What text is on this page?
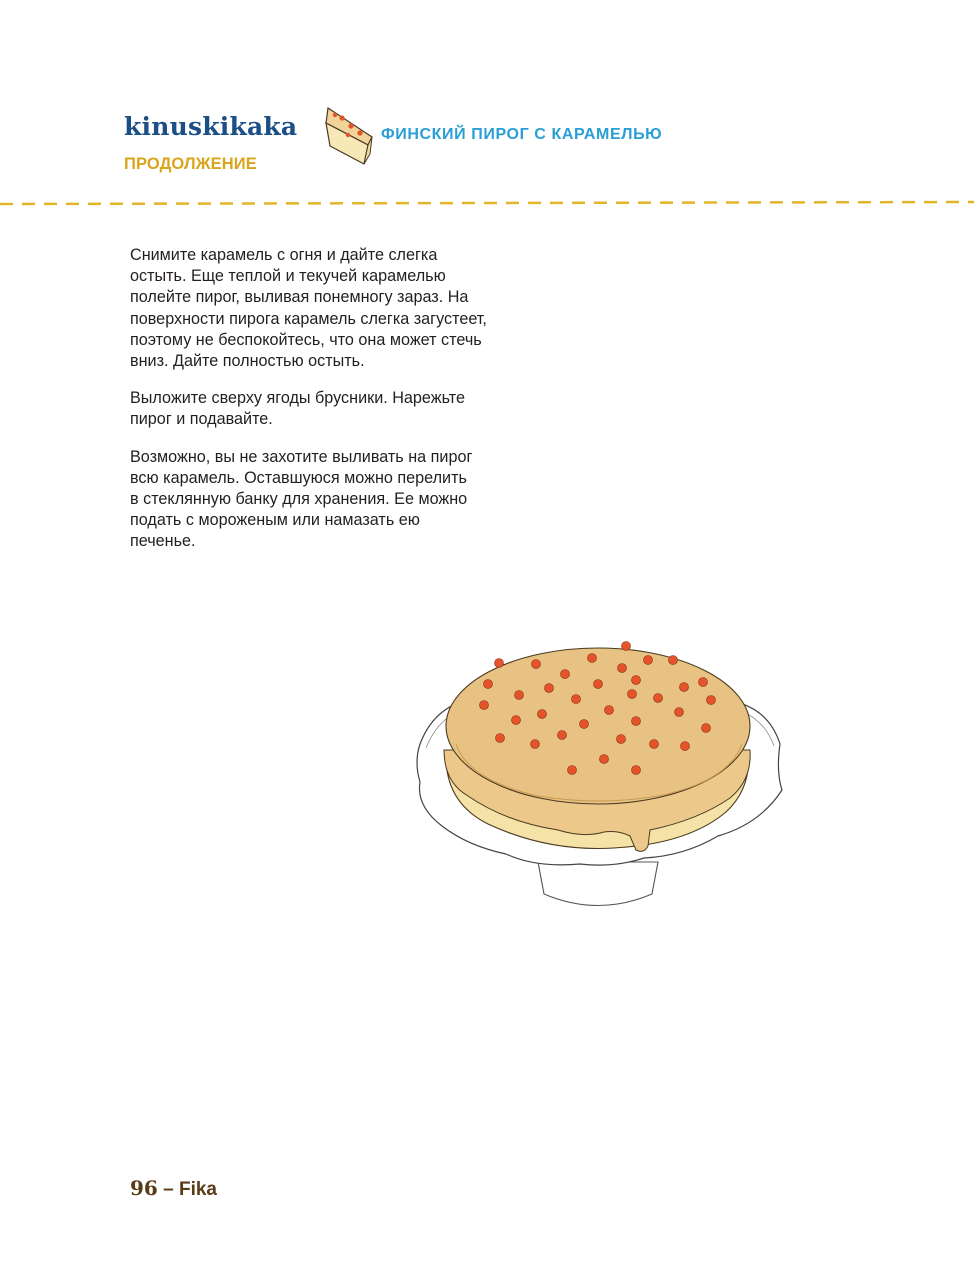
kinuskikaka	ФИНСКИЙ ПИРОГ С КАРАМЕЛЬЮ
ПРОДОЛЖЕНИЕ

Снимите карамель с огня и дайте слегка
остыть. Еще теплой и текучей карамелью
полейте пирог, выливая понемногу зараз. На
поверхности пирога карамель слегка загустеет,
поэтому не беспокойтесь, что она может стечь
вниз. Дайте полностью остыть.

Выложите сверху ягоды брусники. Нарежьте
пирог и подавайте.

Возможно, вы не захотите выливать на пирог
всю карамель. Оставшуюся можно перелить
в стеклянную банку для хранения. Ее можно
подать с мороженым или намазать ею
печенье.

96 – Fika
